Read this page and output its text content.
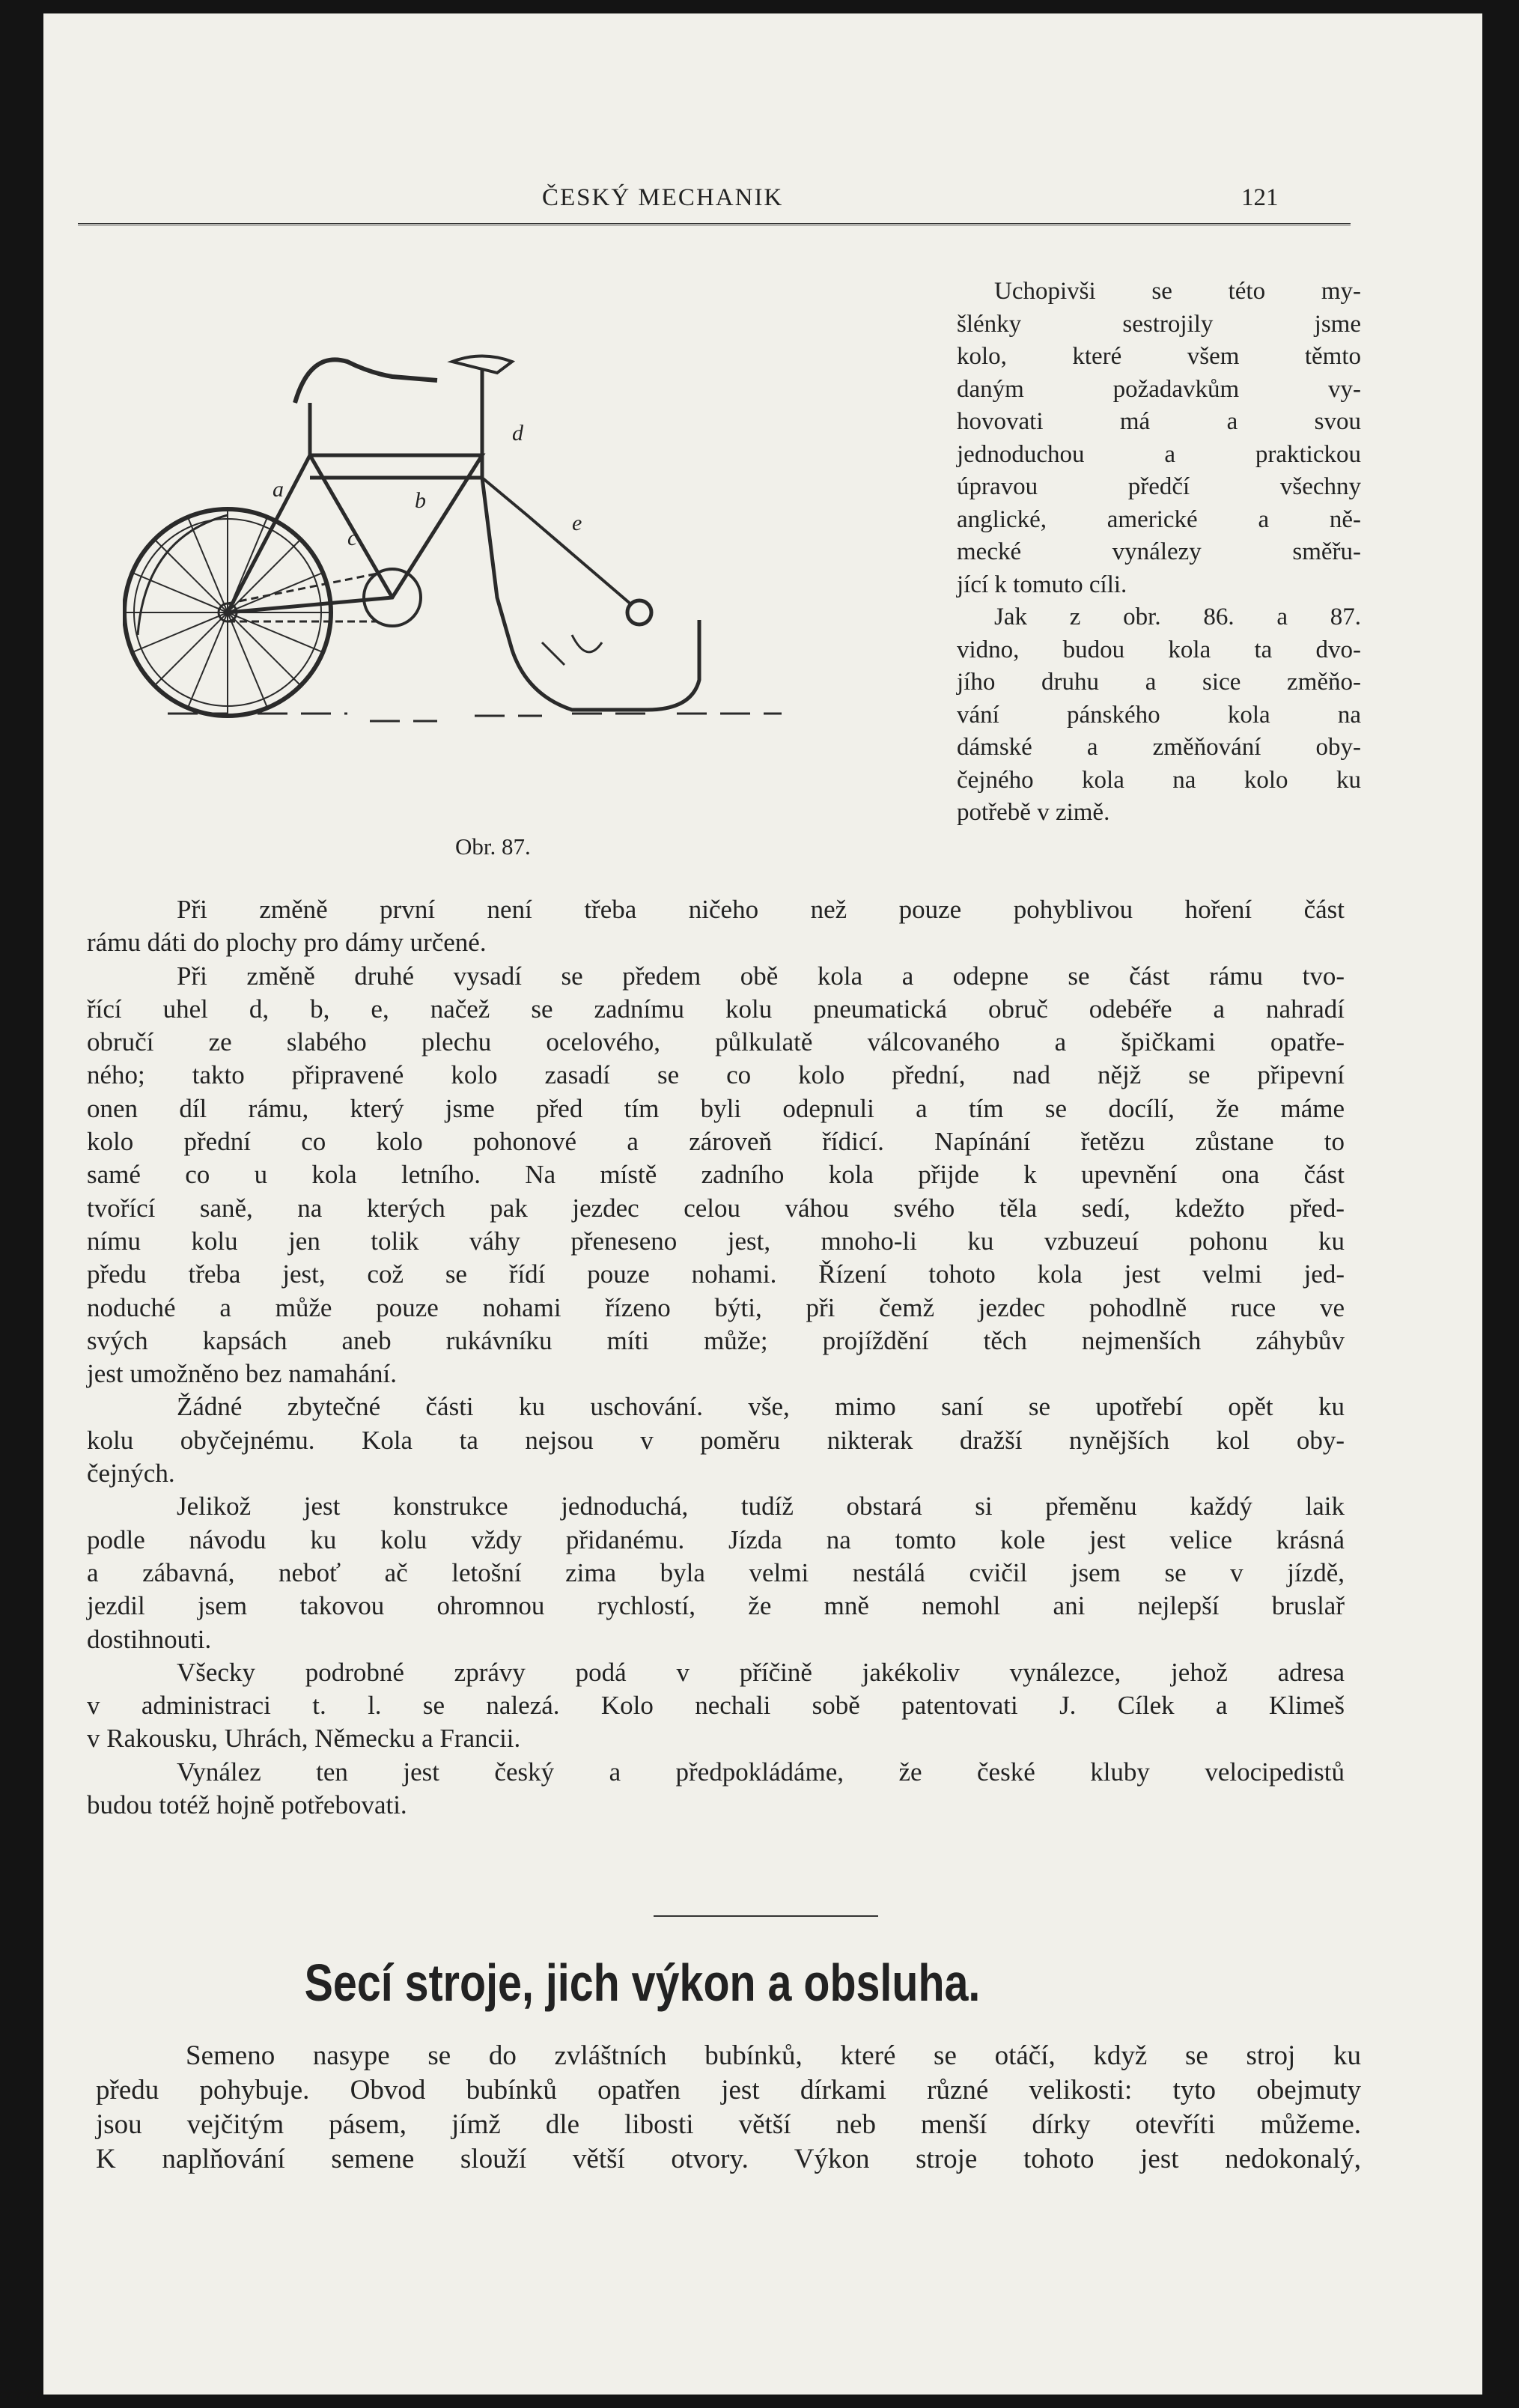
ČESKÝ MECHANIK	121
a	b
c
d
e
Obr. 87.
Uchopivši se této my-
šlénky sestrojily jsme
kolo, které všem těmto
daným požadavkům vy-
hovovati má a svou
jednoduchou a praktickou
úpravou předčí všechny
anglické, americké a ně-
mecké vynálezy směřu-
jící k tomuto cíli.
Jak z obr. 86. a 87.
vidno, budou kola ta dvo-
jího druhu a sice změňo-
vání pánského kola na
dámské a změňování oby-
čejného kola na kolo ku
potřebě v zimě.
Při změně první není třeba ničeho než pouze pohyblivou hoření část
rámu dáti do plochy pro dámy určené.
Při změně druhé vysadí se předem obě kola a odepne se část rámu tvo-
řící uhel d, b, e, načež se zadnímu kolu pneumatická obruč odebéře a nahradí
obručí ze slabého plechu ocelového, půlkulatě válcovaného a špičkami opatře-
ného; takto připravené kolo zasadí se co kolo přední, nad nějž se připevní
onen díl rámu, který jsme před tím byli odepnuli a tím se docílí, že máme
kolo přední co kolo pohonové a zároveň řídicí. Napínání řetězu zůstane to
samé co u kola letního. Na místě zadního kola přijde k upevnění ona část
tvořící saně, na kterých pak jezdec celou váhou svého těla sedí, kdežto před-
nímu kolu jen tolik váhy přeneseno jest, mnoho-li ku vzbuzeuí pohonu ku
předu třeba jest, což se řídí pouze nohami. Řízení tohoto kola jest velmi jed-
noduché a může pouze nohami řízeno býti, při čemž jezdec pohodlně ruce ve
svých kapsách aneb rukávníku míti může; projíždění těch nejmenších záhybův
jest umožněno bez namahání.
Žádné zbytečné části ku uschování. vše, mimo saní se upotřebí opět ku
kolu obyčejnému. Kola ta nejsou v poměru nikterak dražší nynějších kol oby-
čejných.
Jelikož jest konstrukce jednoduchá, tudíž obstará si přeměnu každý laik
podle návodu ku kolu vždy přidanému. Jízda na tomto kole jest velice krásná
a zábavná, neboť ač letošní zima byla velmi nestálá cvičil jsem se v jízdě,
jezdil jsem takovou ohromnou rychlostí, že mně nemohl ani nejlepší bruslař
dostihnouti.
Všecky podrobné zprávy podá v příčině jakékoliv vynálezce, jehož adresa
v administraci t. l. se nalezá. Kolo nechali sobě patentovati J. Cílek a Klimeš
v Rakousku, Uhrách, Německu a Francii.
Vynález ten jest český a předpokládáme, že české kluby velocipedistů
budou totéž hojně potřebovati.
Secí stroje, jich výkon a obsluha.
Semeno nasype se do zvláštních bubínků, které se otáčí, když se stroj ku
předu pohybuje. Obvod bubínků opatřen jest dírkami různé velikosti: tyto obejmuty
jsou vejčitým pásem, jímž dle libosti větší neb menší dírky otevříti můžeme.
K naplňování semene slouží větší otvory. Výkon stroje tohoto jest nedokonalý,
